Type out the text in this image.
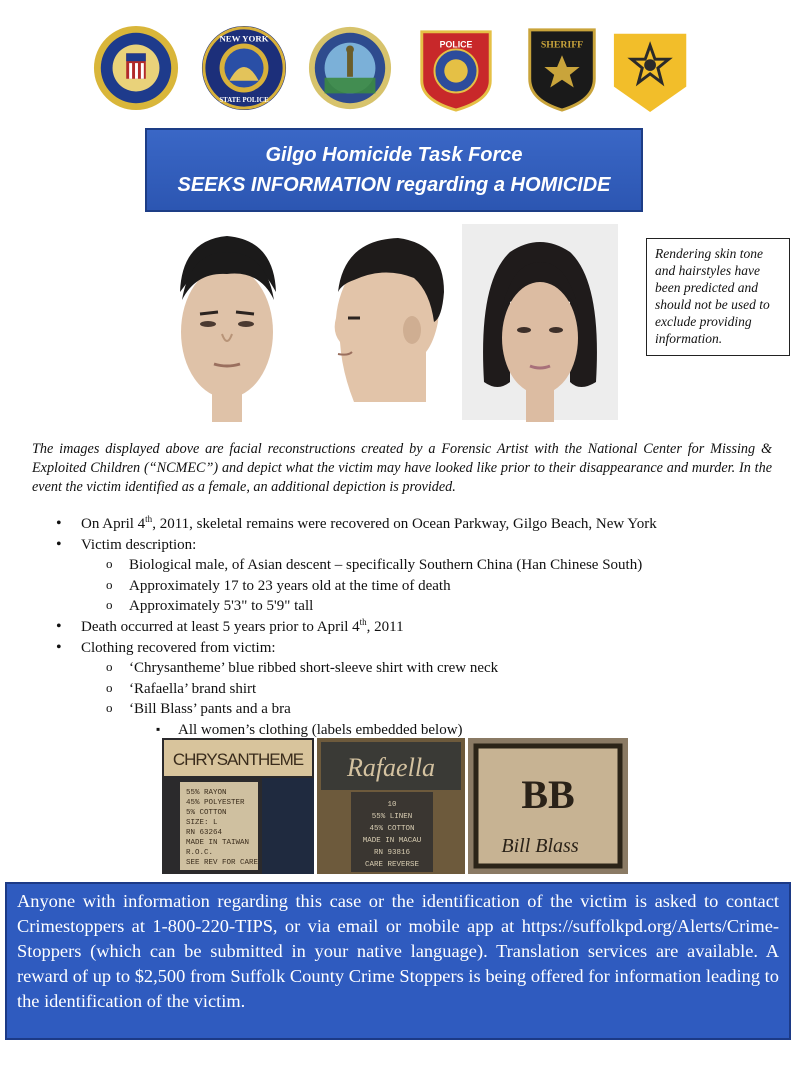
NEW YORK
STATE POLICE
POLICE	SHERIFF
Gilgo Homicide Task Force
SEEKS INFORMATION regarding a HOMICIDE
Rendering skin tone and hairstyles have been predicted and should not be used to exclude providing information.
The images displayed above are facial reconstructions created by a Forensic Artist with the National Center for Missing & Exploited Children (“NCMEC”) and depict what the victim may have looked like prior to their disappearance and murder. In the event the victim identified as a female, an additional depiction is provided.
• On April 4th, 2011, skeletal remains were recovered on Ocean Parkway, Gilgo Beach, New York
• Victim description:
o Biological male, of Asian descent – specifically Southern China (Han Chinese South)
o Approximately 17 to 23 years old at the time of death
o Approximately 5'3" to 5'9" tall
• Death occurred at least 5 years prior to April 4th, 2011
• Clothing recovered from victim:
o ‘Chrysantheme’ blue ribbed short-sleeve shirt with crew neck
o ‘Rafaella’ brand shirt
o ‘Bill Blass’ pants and a bra
▪ All women’s clothing (labels embedded below)
CHRYSANTHEME
55% RAYON
45% POLYESTER
5% COTTON
SIZE: L
RN 63264
MADE IN TAIWAN
R.O.C.
SEE REV FOR CARE
Rafaella
10
55% LINEN
45% COTTON
MADE IN MACAU
RN 93816
CARE REVERSE
BB
Bill Blass
Anyone with information regarding this case or the identification of the victim is asked to contact Crimestoppers at 1-800-220-TIPS, or via email or mobile app at https://suffolkpd.org/Alerts/Crime-Stoppers (which can be submitted in your native language). Translation services are available. A reward of up to $2,500 from Suffolk County Crime Stoppers is being offered for information leading to the identification of the victim.
